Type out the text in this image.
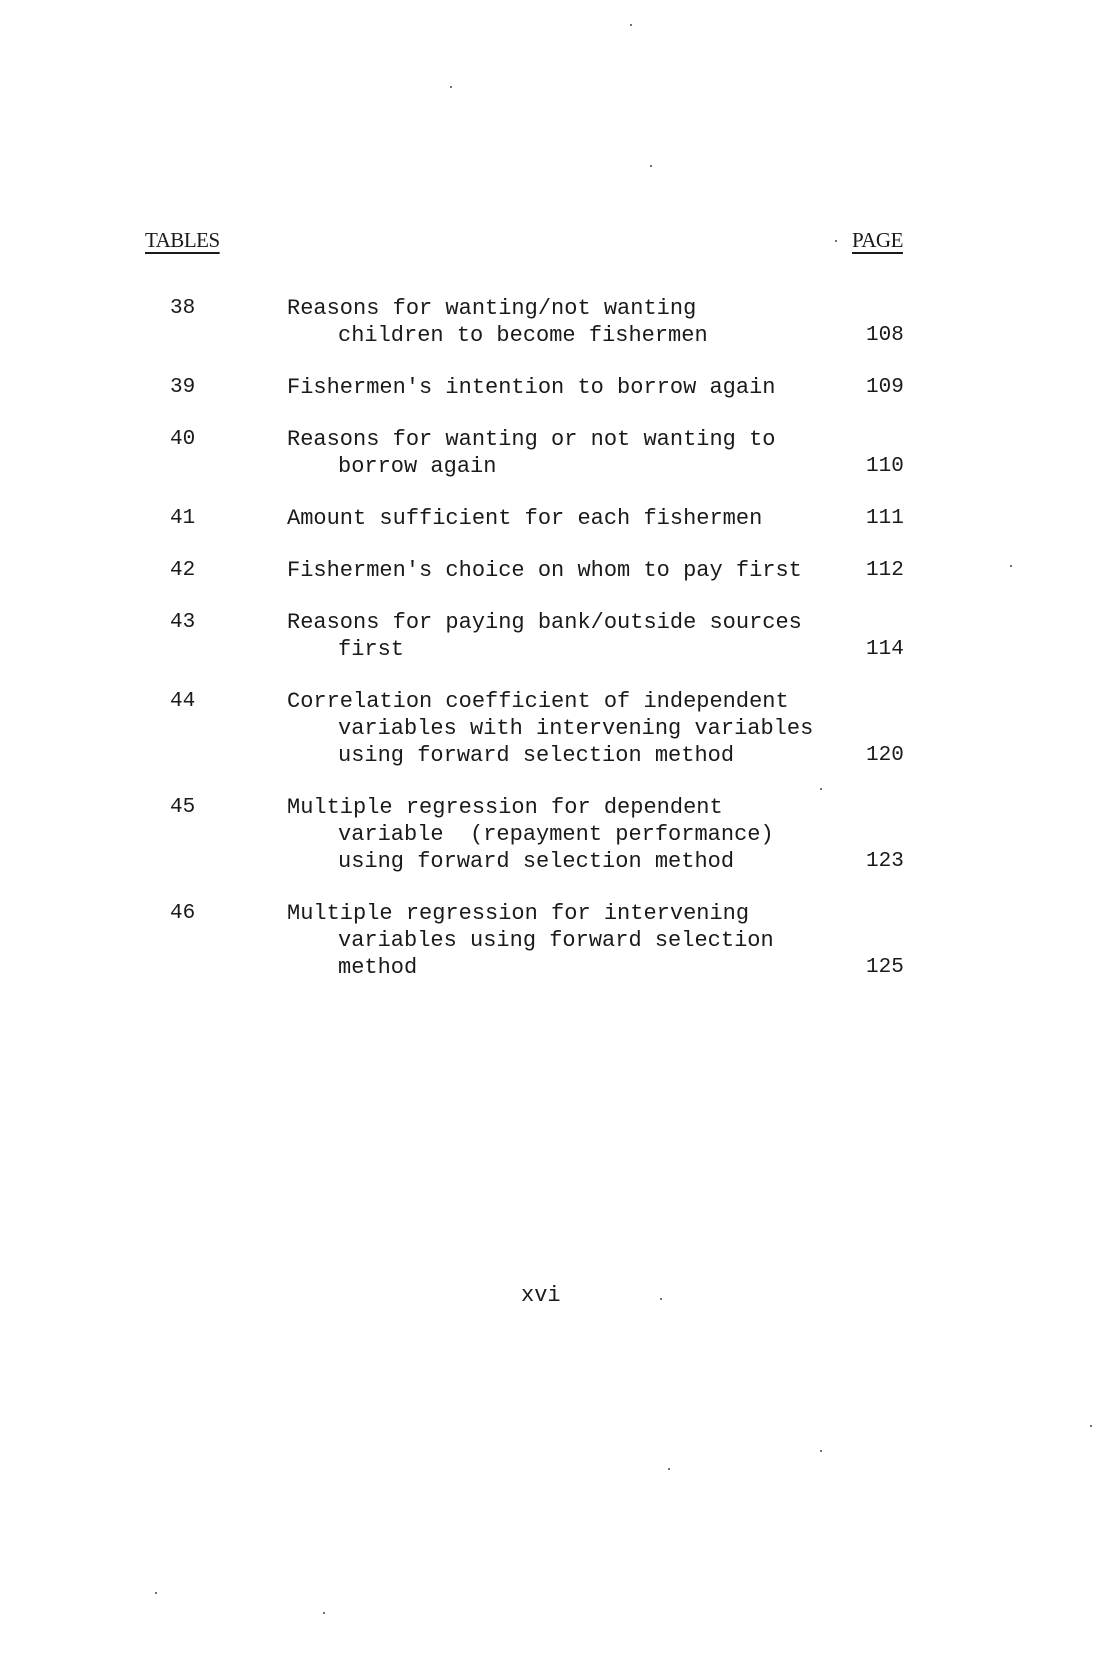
TABLES	PAGE
38	Reasons for wanting/not wanting
children to become fishermen	108
39	Fishermen's intention to borrow again	109
40	Reasons for wanting or not wanting to
borrow again	110
41	Amount sufficient for each fishermen	111
42	Fishermen's choice on whom to pay first	112
43	Reasons for paying bank/outside sources
first	114
44	Correlation coefficient of independent
variables with intervening variables
using forward selection method	120
45	Multiple regression for dependent
variable  (repayment performance)
using forward selection method	123
46	Multiple regression for intervening
variables using forward selection
method	125
xvi
